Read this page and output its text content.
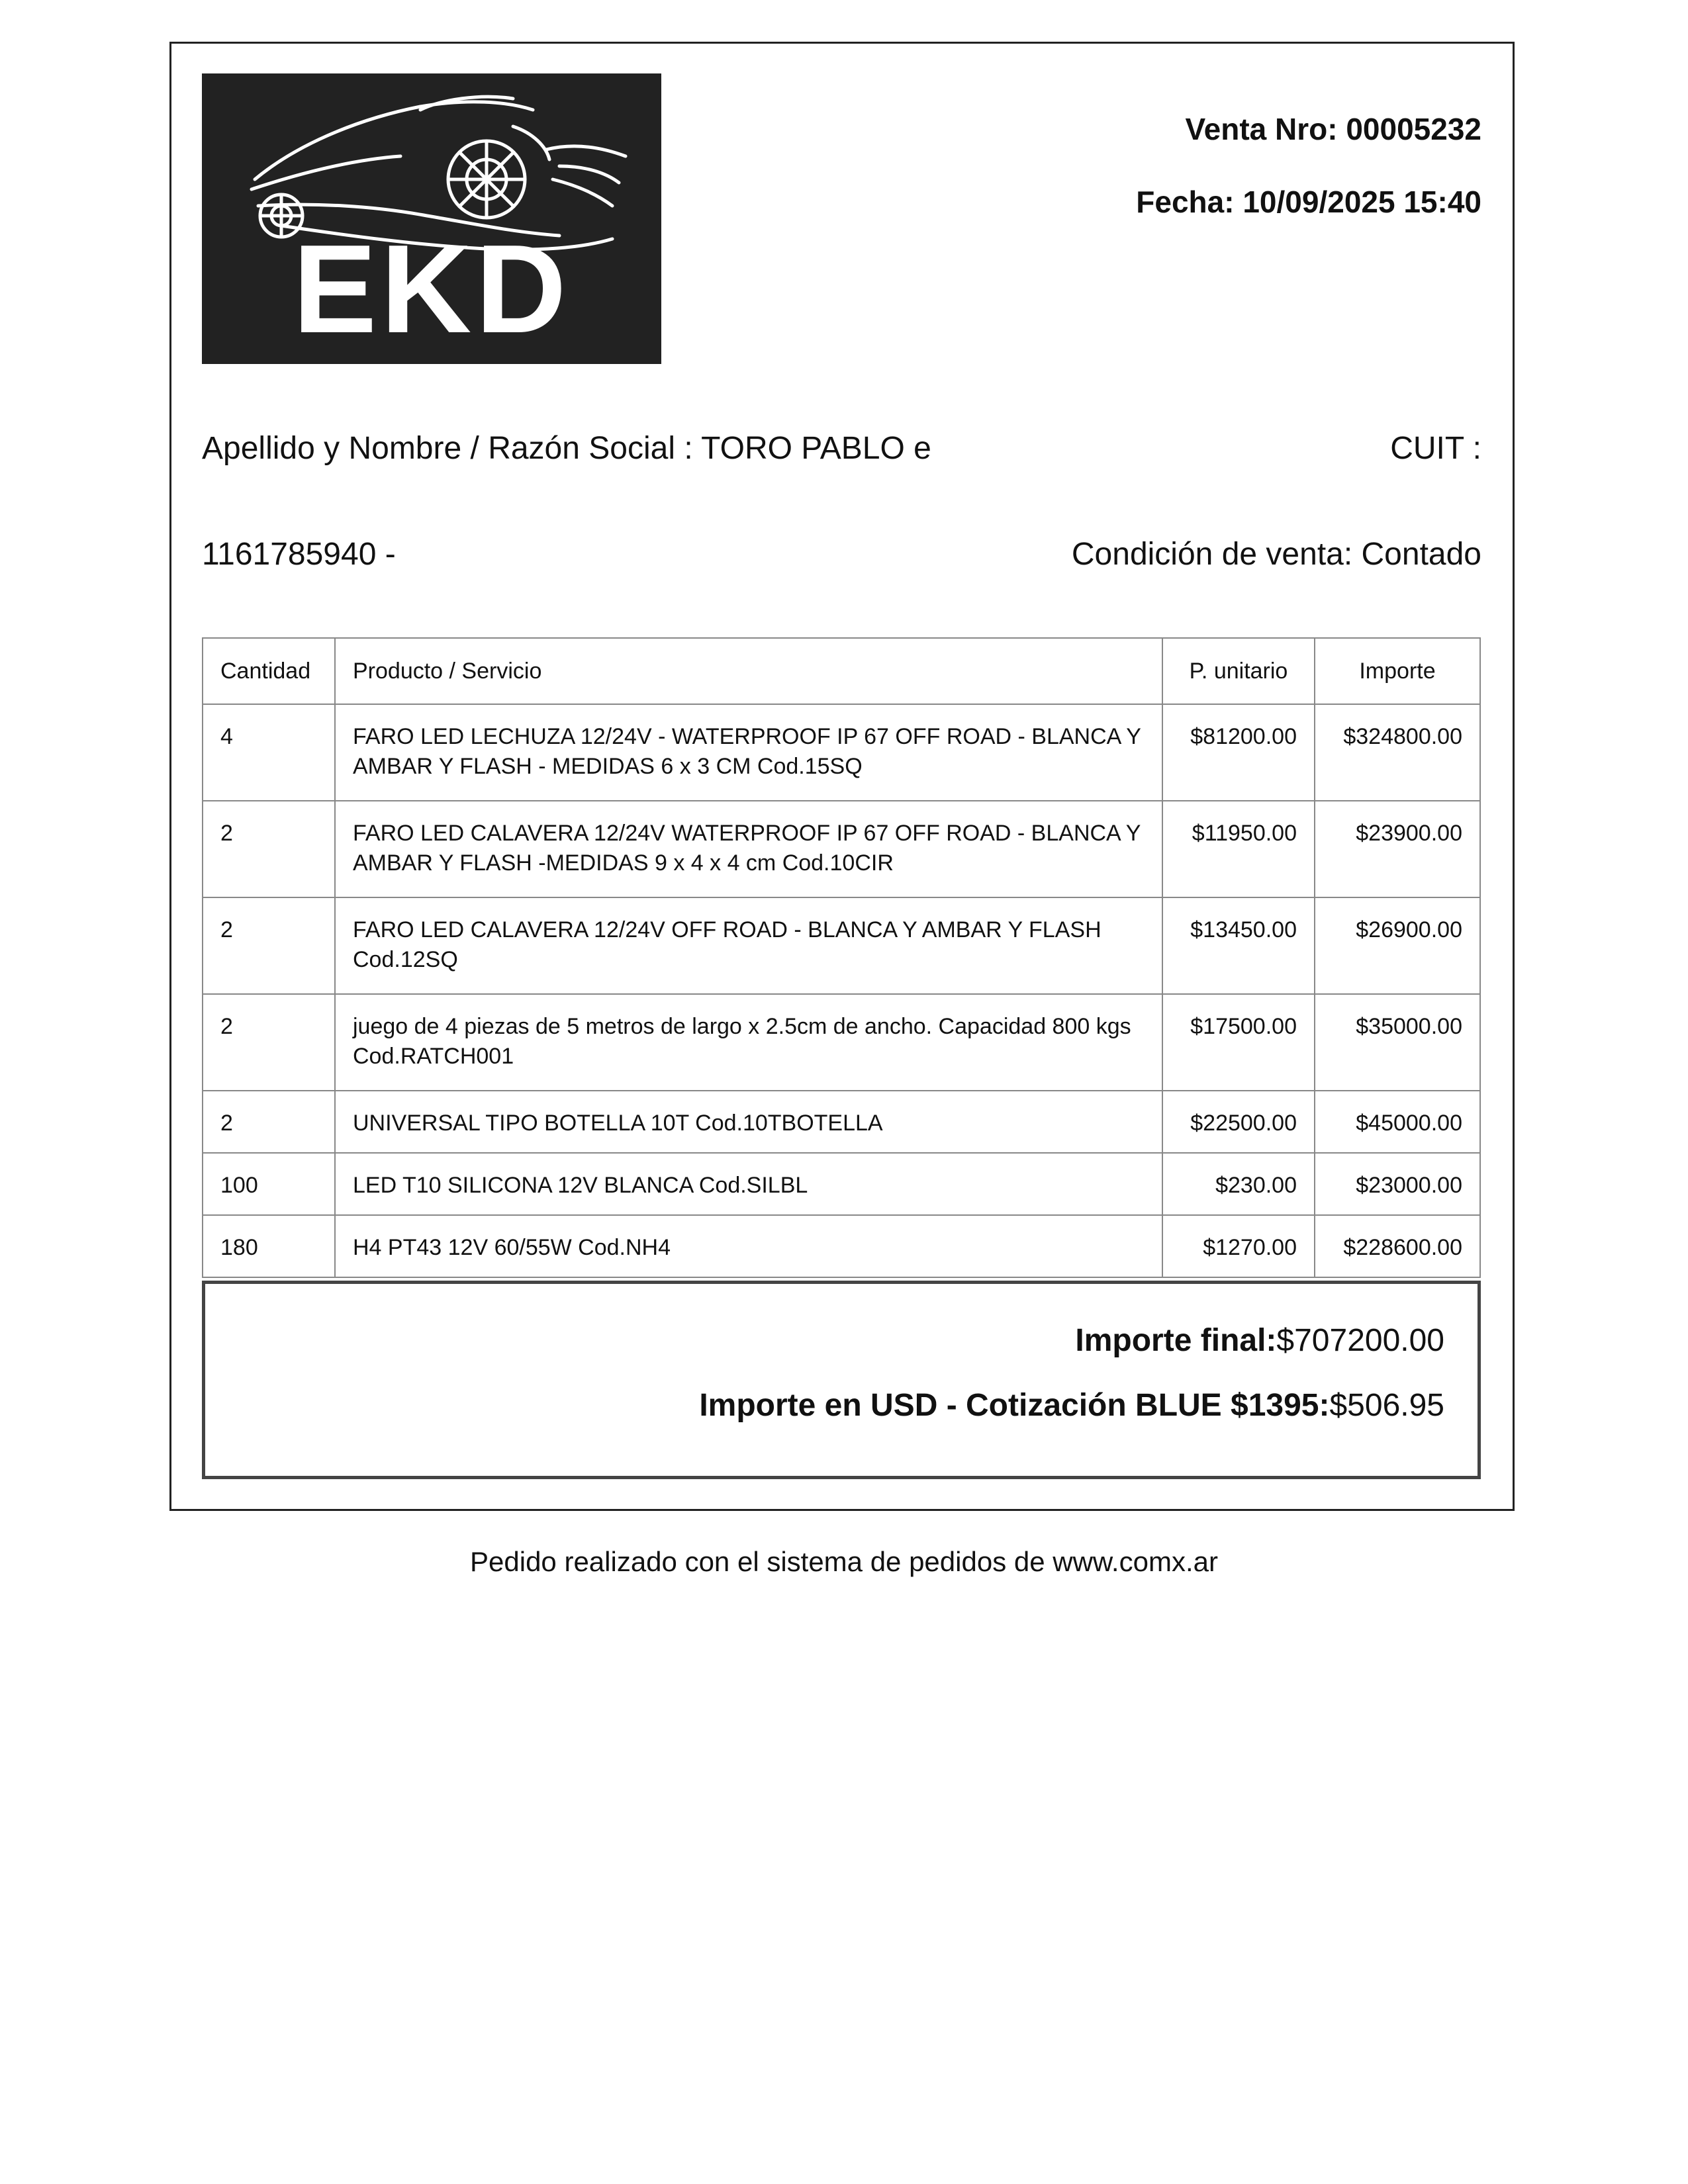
EKD
Venta Nro: 00005232
Fecha: 10/09/2025 15:40
Apellido y Nombre / Razón Social : TORO PABLO e	CUIT :
1161785940 -	Condición de venta: Contado
Cantidad	Producto / Servicio	P. unitario	Importe
4	FARO LED LECHUZA 12/24V - WATERPROOF IP 67 OFF ROAD - BLANCA Y AMBAR Y FLASH - MEDIDAS 6 x 3 CM Cod.15SQ	$81200.00	$324800.00
2	FARO LED CALAVERA 12/24V WATERPROOF IP 67 OFF ROAD - BLANCA Y AMBAR Y FLASH -MEDIDAS 9 x 4 x 4 cm Cod.10CIR	$11950.00	$23900.00
2	FARO LED CALAVERA 12/24V OFF ROAD - BLANCA Y AMBAR Y FLASH Cod.12SQ	$13450.00	$26900.00
2	juego de 4 piezas de 5 metros de largo x 2.5cm de ancho. Capacidad 800 kgs Cod.RATCH001	$17500.00	$35000.00
2	UNIVERSAL TIPO BOTELLA 10T Cod.10TBOTELLA	$22500.00	$45000.00
100	LED T10 SILICONA 12V BLANCA Cod.SILBL	$230.00	$23000.00
180	H4 PT43 12V 60/55W Cod.NH4	$1270.00	$228600.00
Importe final:$707200.00
Importe en USD - Cotización BLUE $1395:$506.95
Pedido realizado con el sistema de pedidos de www.comx.ar
